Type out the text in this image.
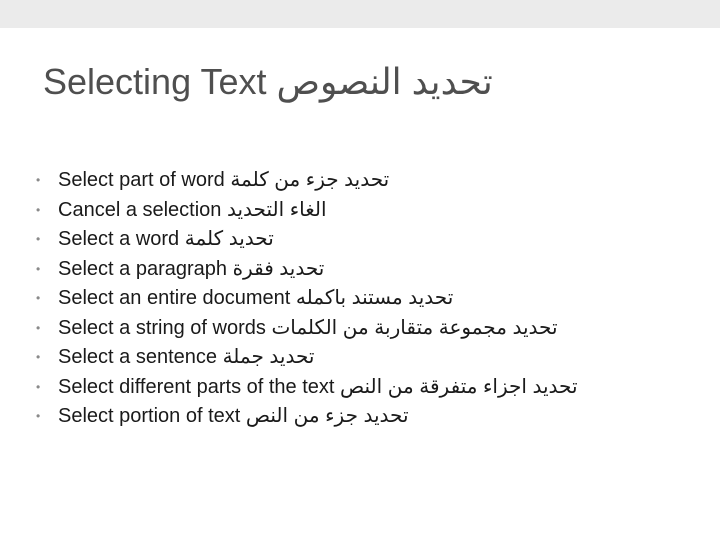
Selecting Text تحديد النصوص
• Select part of word تحديد جزء من كلمة
• Cancel a selection الغاء التحديد
• Select a word تحديد كلمة
• Select a paragraph تحديد فقرة
• Select an entire document تحديد مستند باكمله
• Select a string of words تحديد مجموعة متقاربة من الكلمات
• Select a sentence تحديد جملة
• Select different parts of the text تحديد اجزاء متفرقة من النص
• Select portion of text تحديد جزء من النص
